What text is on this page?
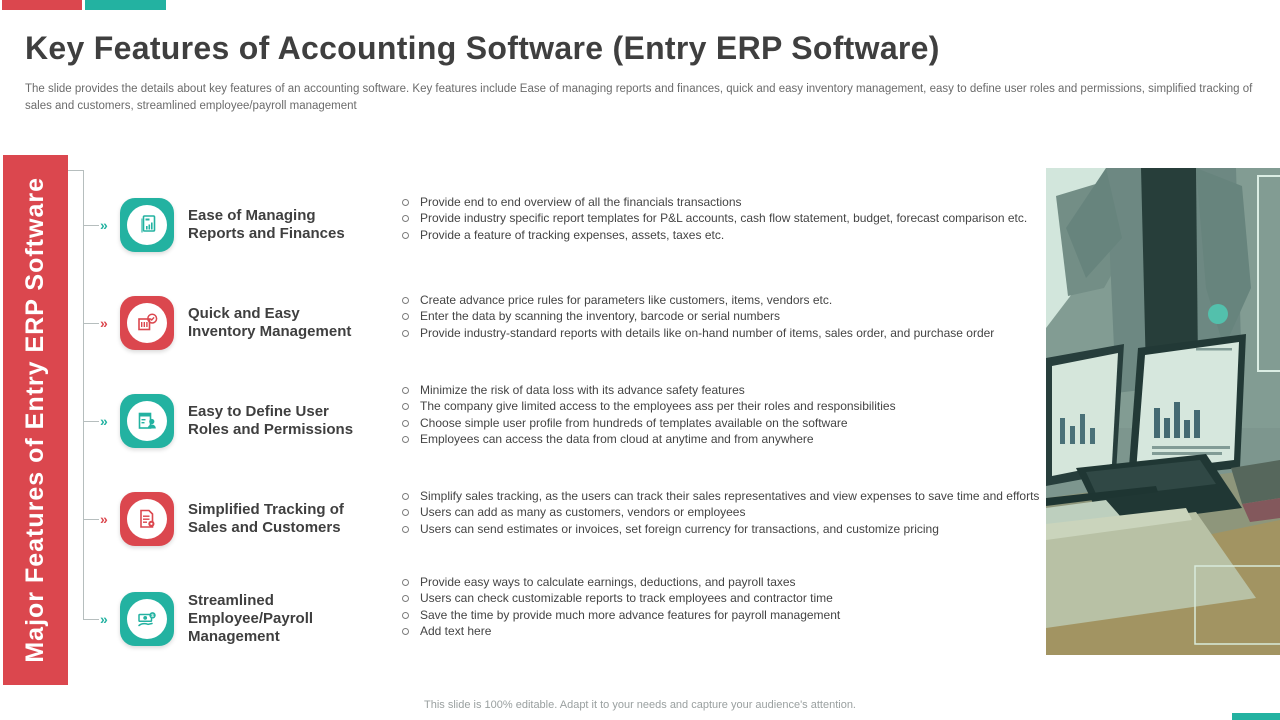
Key Features of Accounting Software (Entry ERP Software)

The slide provides the details about key features of an accounting software. Key features include Ease of managing reports and finances, quick and easy inventory management, easy to define user roles and permissions, simplified tracking of sales and customers, streamlined employee/payroll management

Major Features of Entry ERP Software	»
Ease of Managing Reports and Finances
Provide end to end overview of all the financials transactions
Provide industry specific report templates for P&L accounts, cash flow statement, budget, forecast comparison etc.
Provide a feature of tracking expenses, assets, taxes etc.
»
Quick and Easy Inventory Management
Create advance price rules for parameters like customers, items, vendors etc.
Enter the data by scanning the inventory, barcode or serial numbers
Provide industry-standard reports with details like on-hand number of items, sales order, and purchase order
»
Easy to Define User Roles and Permissions
Minimize the risk of data loss with its advance safety features
The company give limited access to the employees ass per their roles and responsibilities
Choose simple user profile from hundreds of templates available on the software
Employees can access the data from cloud at anytime and from anywhere
»
Simplified Tracking of Sales and Customers
Simplify sales tracking, as the users can track their sales representatives and view expenses to save time and efforts
Users can add as many as customers, vendors or employees
Users can send estimates or invoices, set foreign currency for transactions, and customize pricing
»	$
Streamlined Employee/Payroll Management
Provide easy ways to calculate earnings, deductions, and payroll taxes
Users can check customizable reports to track employees and contractor time
Save the time by provide much more advance features for payroll management
Add text here
This slide is 100% editable. Adapt it to your needs and capture your audience's attention.
